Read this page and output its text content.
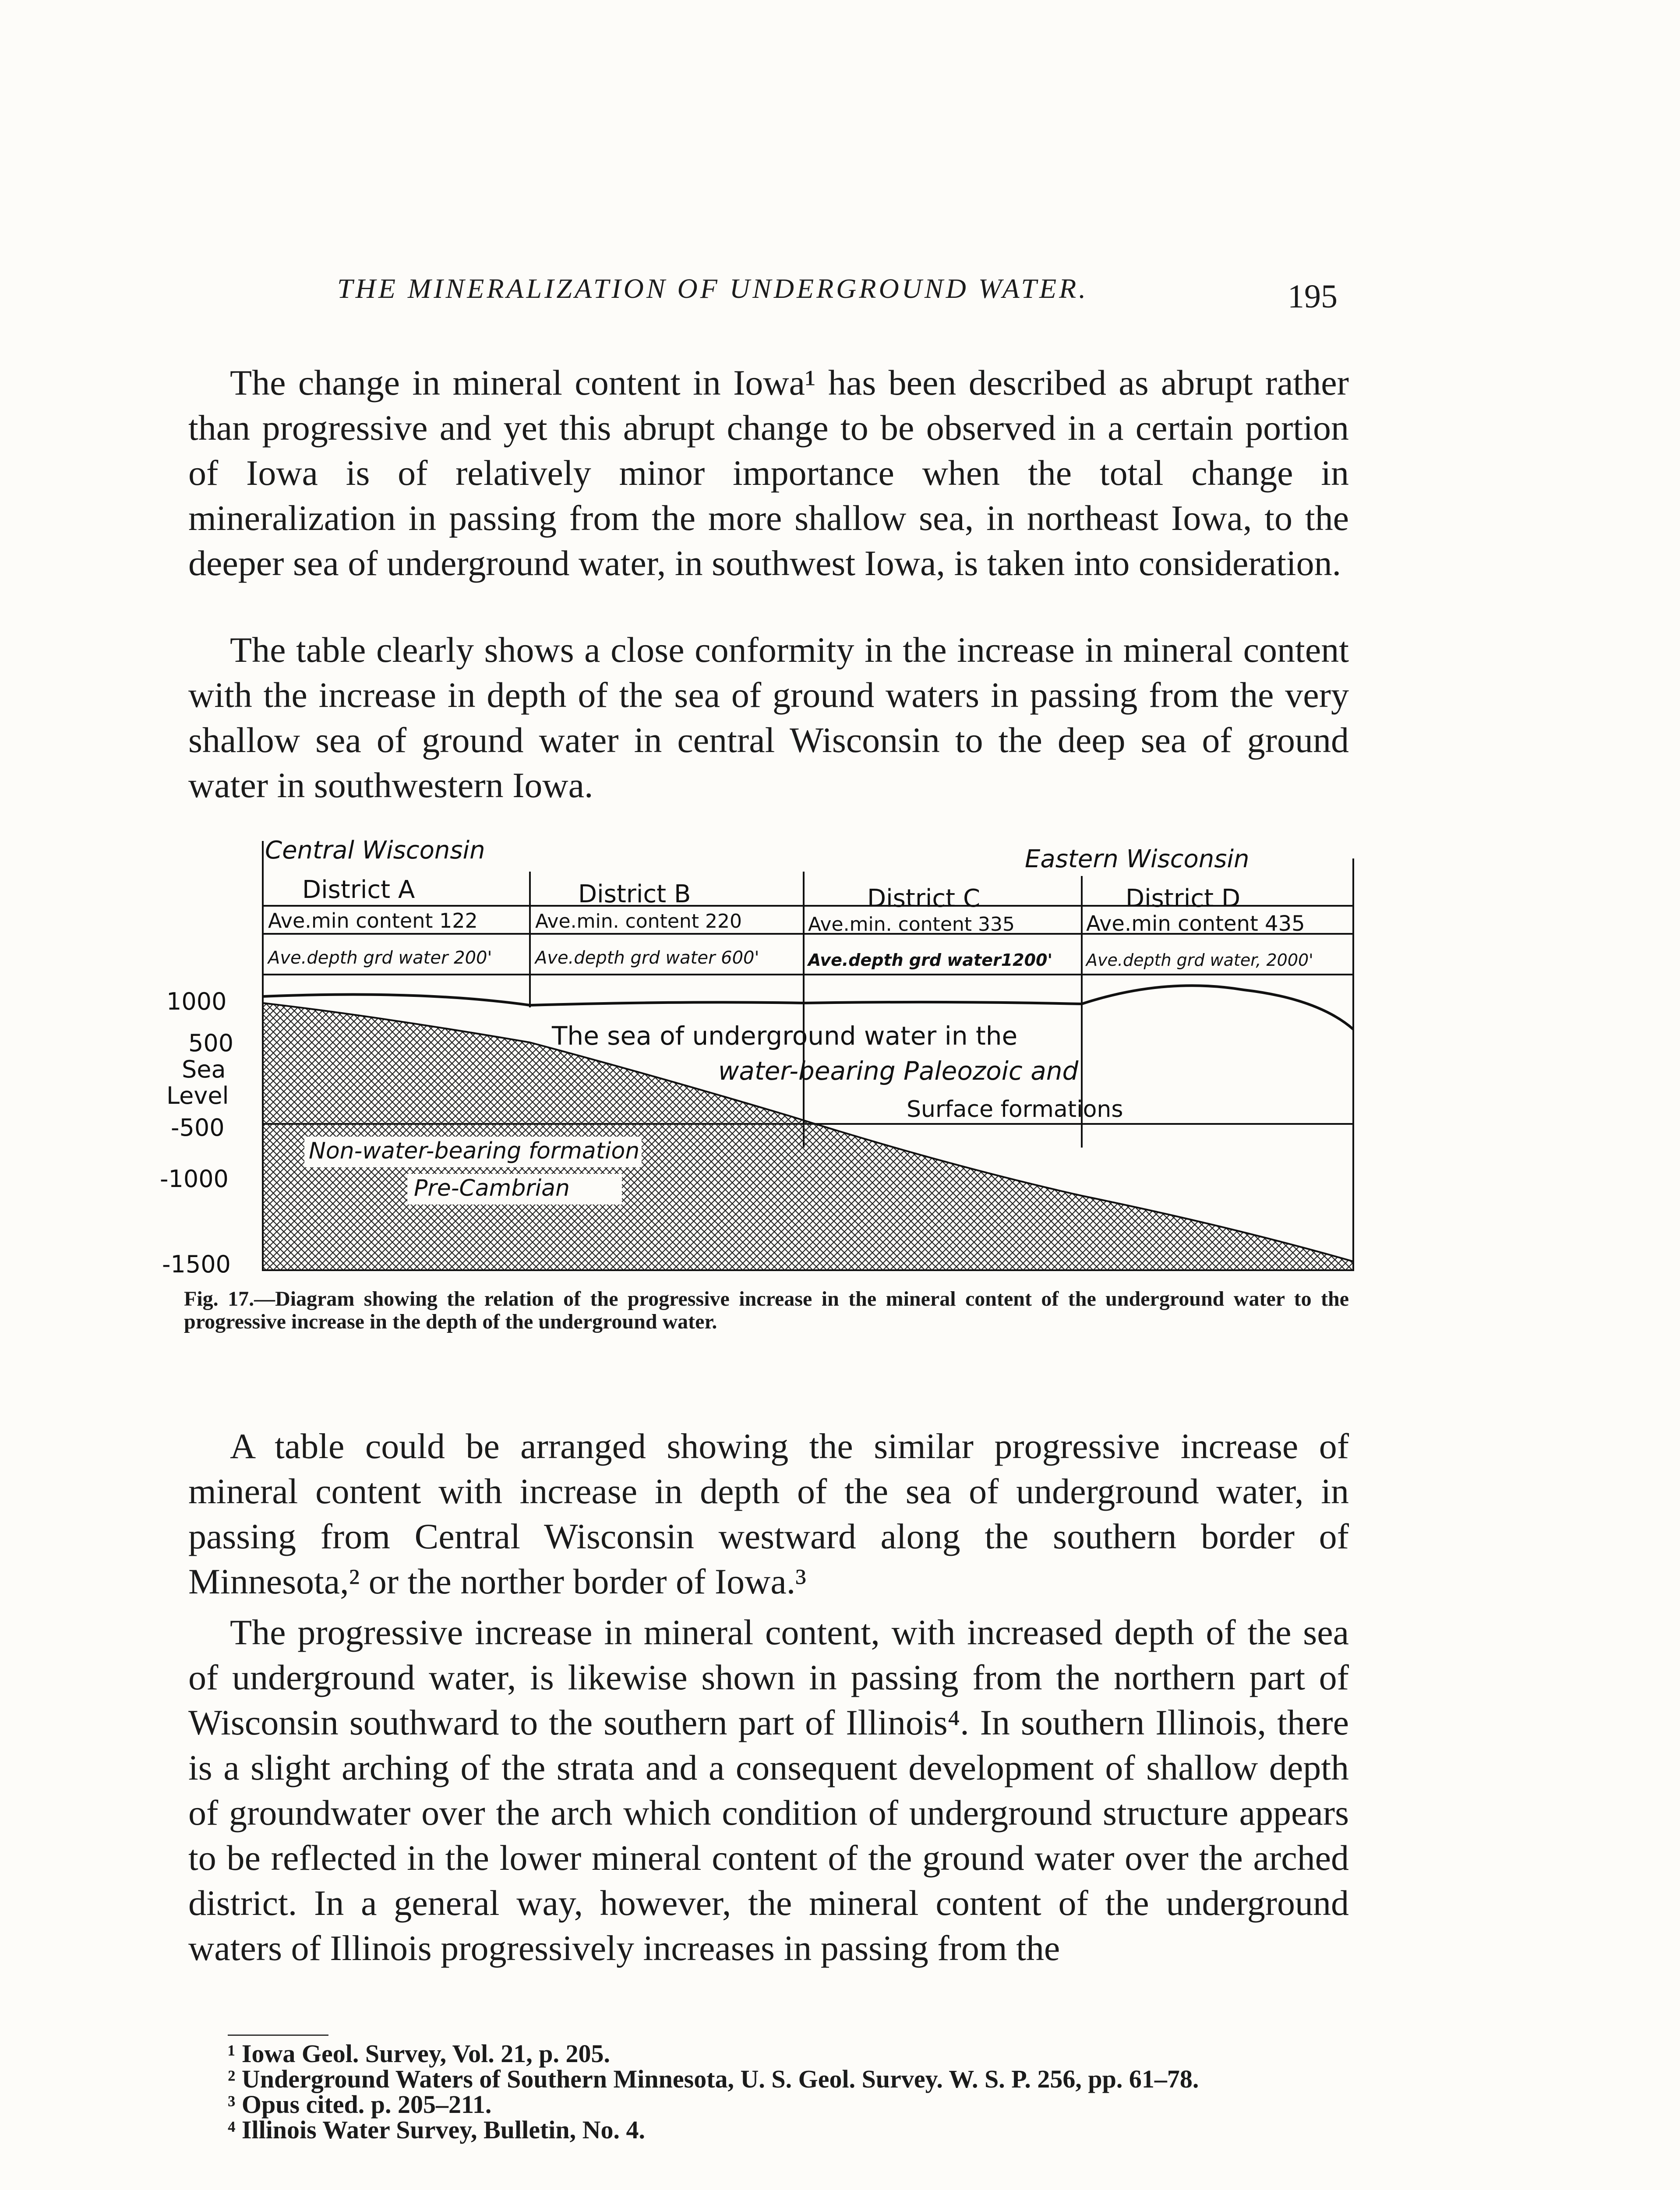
THE MINERALIZATION OF UNDERGROUND WATER.	195

The change in mineral content in Iowa¹ has been described as abrupt rather than progressive and yet this abrupt change to be observed in a certain portion of Iowa is of relatively minor importance when the total change in mineralization in passing from the more shallow sea, in northeast Iowa, to the deeper sea of underground water, in southwest Iowa, is taken into consideration.

The table clearly shows a close conformity in the increase in mineral content with the increase in depth of the sea of ground waters in passing from the very shallow sea of ground water in central Wisconsin to the deep sea of ground water in southwestern Iowa.

Central Wisconsin	Eastern Wisconsin
District A	District B	District C	District D
Ave.min content 122	Ave.min. content 220	Ave.min. content 335	Ave.min content 435
Ave.depth grd water 200' Ave.depth grd water 600'	Ave.depth grd water1200' Ave.depth grd water, 2000'
1000
500
Sea
Level
-500
-1000
-1500
The sea of underground water in the
water-bearing Paleozoic and
Surface formations
Non-water-bearing formation
Pre-Cambrian
Fig. 17.—Diagram showing the relation of the progressive increase in the mineral content of the underground water to the progressive increase in the depth of the underground water.

A table could be arranged showing the similar progressive increase of mineral content with increase in depth of the sea of underground water, in passing from Central Wisconsin westward along the southern border of Minnesota,² or the norther border of Iowa.³

The progressive increase in mineral content, with increased depth of the sea of underground water, is likewise shown in passing from the northern part of Wisconsin southward to the southern part of Illinois⁴. In southern Illinois, there is a slight arching of the strata and a consequent development of shallow depth of groundwater over the arch which condition of underground structure appears to be reflected in the lower mineral content of the ground water over the arched district. In a general way, however, the mineral content of the underground waters of Illinois progressively increases in passing from the

¹ Iowa Geol. Survey, Vol. 21, p. 205.
² Underground Waters of Southern Minnesota, U. S. Geol. Survey. W. S. P. 256, pp. 61–78.
³ Opus cited. p. 205–211.
⁴ Illinois Water Survey, Bulletin, No. 4.
